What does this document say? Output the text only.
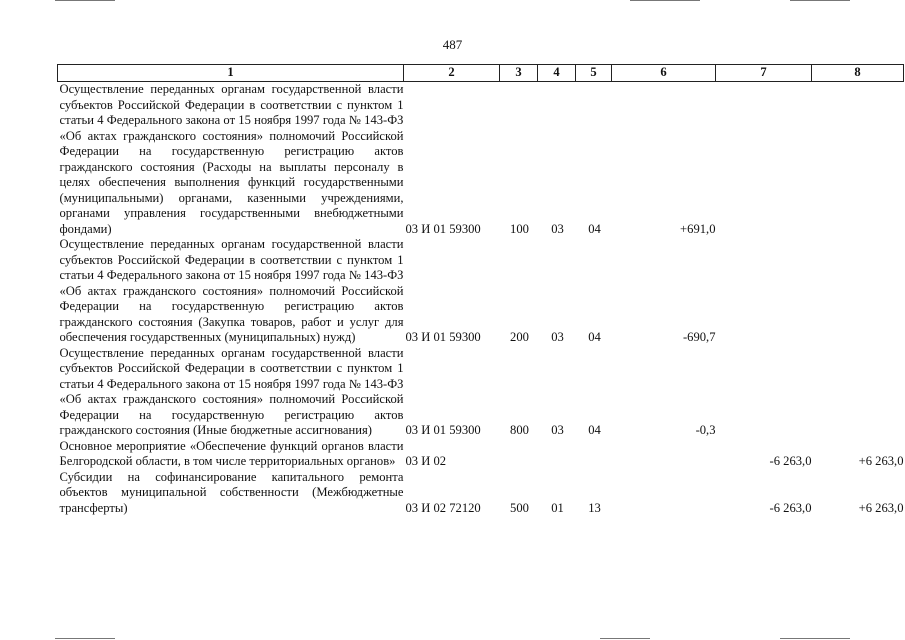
487
1	2	3	4	5	6	7	8
Осуществление переданных органам государственной власти субъектов Российской Федерации в соответствии с пунктом 1 статьи 4 Федерального закона от 15 ноября 1997 года № 143-ФЗ «Об актах гражданского состояния» полномочий Российской Федерации на государственную регистрацию актов гражданского состояния (Расходы на выплаты персоналу в целях обеспечения выполнения функций государственными (муниципальными) органами, казенными учреждениями, органами управления государственными внебюджетными фондами)	03 И 01 59300	100	03	04	+691,0		
Осуществление переданных органам государственной власти субъектов Российской Федерации в соответствии с пунктом 1 статьи 4 Федерального закона от 15 ноября 1997 года № 143-ФЗ «Об актах гражданского состояния» полномочий Российской Федерации на государственную регистрацию актов гражданского состояния (Закупка товаров, работ и услуг для обеспечения государственных (муниципальных) нужд)	03 И 01 59300	200	03	04	-690,7		
Осуществление переданных органам государственной власти субъектов Российской Федерации в соответствии с пунктом 1 статьи 4 Федерального закона от 15 ноября 1997 года № 143-ФЗ «Об актах гражданского состояния» полномочий Российской Федерации на государственную регистрацию актов гражданского состояния (Иные бюджетные ассигнования)	03 И 01 59300	800	03	04	-0,3		
Основное мероприятие «Обеспечение функций органов власти Белгородской области, в том числе территориальных органов»	03 И 02					-6 263,0	+6 263,0
Субсидии на софинансирование капитального ремонта объектов муниципальной собственности (Межбюджетные трансферты)	03 И 02 72120	500	01	13		-6 263,0	+6 263,0
